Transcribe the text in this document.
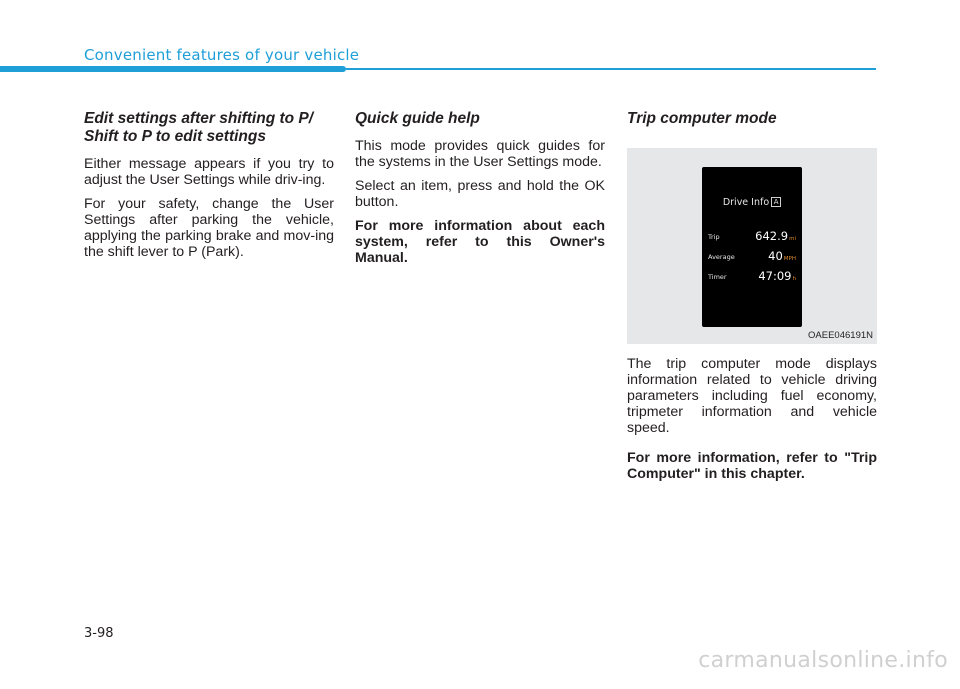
Convenient features of your vehicle
Edit settings after shifting to P/ Shift to P to edit settings

Either message appears if you try to adjust the User Settings while driv-ing.

For your safety, change the User Settings after parking the vehicle, applying the parking brake and mov-ing the shift lever to P (Park).

Quick guide help

This mode provides quick guides for the systems in the User Settings mode.

Select an item, press and hold the OK button.

For more information about each system, refer to this Owner's Manual.

Trip computer mode
Drive Info A
Trip	642.9mi
Average	40MPH
Timer	47:09h
OAEE046191N

The trip computer mode displays information related to vehicle driving parameters including fuel economy, tripmeter information and vehicle speed.

For more information, refer to "Trip Computer" in this chapter.

3-98
carmanualsonline.info
